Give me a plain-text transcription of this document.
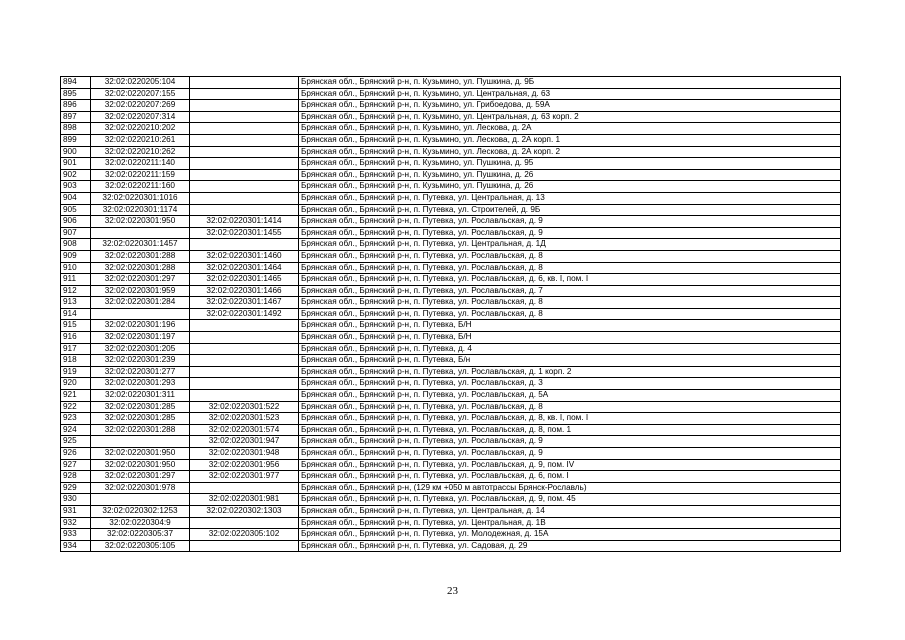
894	32:02:0220205:104		Брянская обл., Брянский р-н, п. Кузьмино, ул. Пушкина, д. 9Б
895	32:02:0220207:155		Брянская обл., Брянский р-н, п. Кузьмино, ул. Центральная, д. 63
896	32:02:0220207:269		Брянская обл., Брянский р-н, п. Кузьмино, ул. Грибоедова, д. 59А
897	32:02:0220207:314		Брянская обл., Брянский р-н, п. Кузьмино, ул. Центральная, д. 63 корп. 2
898	32:02:0220210:202		Брянская обл., Брянский р-н, п. Кузьмино, ул. Лескова, д. 2А
899	32:02:0220210:261		Брянская обл., Брянский р-н, п. Кузьмино, ул. Лескова, д. 2А корп. 1
900	32:02:0220210:262		Брянская обл., Брянский р-н, п. Кузьмино, ул. Лескова, д. 2А корп. 2
901	32:02:0220211:140		Брянская обл., Брянский р-н, п. Кузьмино, ул. Пушкина, д. 95
902	32:02:0220211:159		Брянская обл., Брянский р-н, п. Кузьмино, ул. Пушкина, д. 26
903	32:02:0220211:160		Брянская обл., Брянский р-н, п. Кузьмино, ул. Пушкина, д. 26
904	32:02:0220301:1016		Брянская обл., Брянский р-н, п. Путевка, ул. Центральная, д. 13
905	32:02:0220301:1174		Брянская обл., Брянский р-н, п. Путевка, ул. Строителей, д. 9Б
906	32:02:0220301:950	32:02:0220301:1414	Брянская обл., Брянский р-н, п. Путевка, ул. Рославльская, д. 9
907		32:02:0220301:1455	Брянская обл., Брянский р-н, п. Путевка, ул. Рославльская, д. 9
908	32:02:0220301:1457		Брянская обл., Брянский р-н, п. Путевка, ул. Центральная, д. 1Д
909	32:02:0220301:288	32:02:0220301:1460	Брянская обл., Брянский р-н, п. Путевка, ул. Рославльская, д. 8
910	32:02:0220301:288	32:02:0220301:1464	Брянская обл., Брянский р-н, п. Путевка, ул. Рославльская, д. 8
911	32:02:0220301:297	32:02:0220301:1465	Брянская обл., Брянский р-н, п. Путевка, ул. Рославльская, д. 6, кв. I, пом. I
912	32:02:0220301:959	32:02:0220301:1466	Брянская обл., Брянский р-н, п. Путевка, ул. Рославльская, д. 7
913	32:02:0220301:284	32:02:0220301:1467	Брянская обл., Брянский р-н, п. Путевка, ул. Рославльская, д. 8
914		32:02:0220301:1492	Брянская обл., Брянский р-н, п. Путевка, ул. Рославльская, д. 8
915	32:02:0220301:196		Брянская обл., Брянский р-н, п. Путевка, Б/Н
916	32:02:0220301:197		Брянская обл., Брянский р-н, п. Путевка, Б/Н
917	32:02:0220301:205		Брянская обл., Брянский р-н, п. Путевка, д. 4
918	32:02:0220301:239		Брянская обл., Брянский р-н, п. Путевка, Б/н
919	32:02:0220301:277		Брянская обл., Брянский р-н, п. Путевка, ул. Рославльская, д. 1 корп. 2
920	32:02:0220301:293		Брянская обл., Брянский р-н, п. Путевка, ул. Рославльская, д. 3
921	32:02:0220301:311		Брянская обл., Брянский р-н, п. Путевка, ул. Рославльская, д. 5А
922	32:02:0220301:285	32:02:0220301:522	Брянская обл., Брянский р-н, п. Путевка, ул. Рославльская, д. 8
923	32:02:0220301:285	32:02:0220301:523	Брянская обл., Брянский р-н, п. Путевка, ул. Рославльская, д. 8, кв. I, пом. I
924	32:02:0220301:288	32:02:0220301:574	Брянская обл., Брянский р-н, п. Путевка, ул. Рославльская, д. 8, пом. 1
925		32:02:0220301:947	Брянская обл., Брянский р-н, п. Путевка, ул. Рославльская, д. 9
926	32:02:0220301:950	32:02:0220301:948	Брянская обл., Брянский р-н, п. Путевка, ул. Рославльская, д. 9
927	32:02:0220301:950	32:02:0220301:956	Брянская обл., Брянский р-н, п. Путевка, ул. Рославльская, д. 9, пом. IV
928	32:02:0220301:297	32:02:0220301:977	Брянская обл., Брянский р-н, п. Путевка, ул. Рославльская, д. 6, пом. I
929	32:02:0220301:978		Брянская обл., Брянский р-н, (129 км +050 м автотрассы Брянск-Рославль)
930		32:02:0220301:981	Брянская обл., Брянский р-н, п. Путевка, ул. Рославльская, д. 9, пом. 45
931	32:02:0220302:1253	32:02:0220302:1303	Брянская обл., Брянский р-н, п. Путевка, ул. Центральная, д. 14
932	32:02:0220304:9		Брянская обл., Брянский р-н, п. Путевка, ул. Центральная, д. 1В
933	32:02:0220305:37	32:02:0220305:102	Брянская обл., Брянский р-н, п. Путевка, ул. Молодежная, д. 15А
934	32:02:0220305:105		Брянская обл., Брянский р-н, п. Путевка, ул. Садовая, д. 29
23
